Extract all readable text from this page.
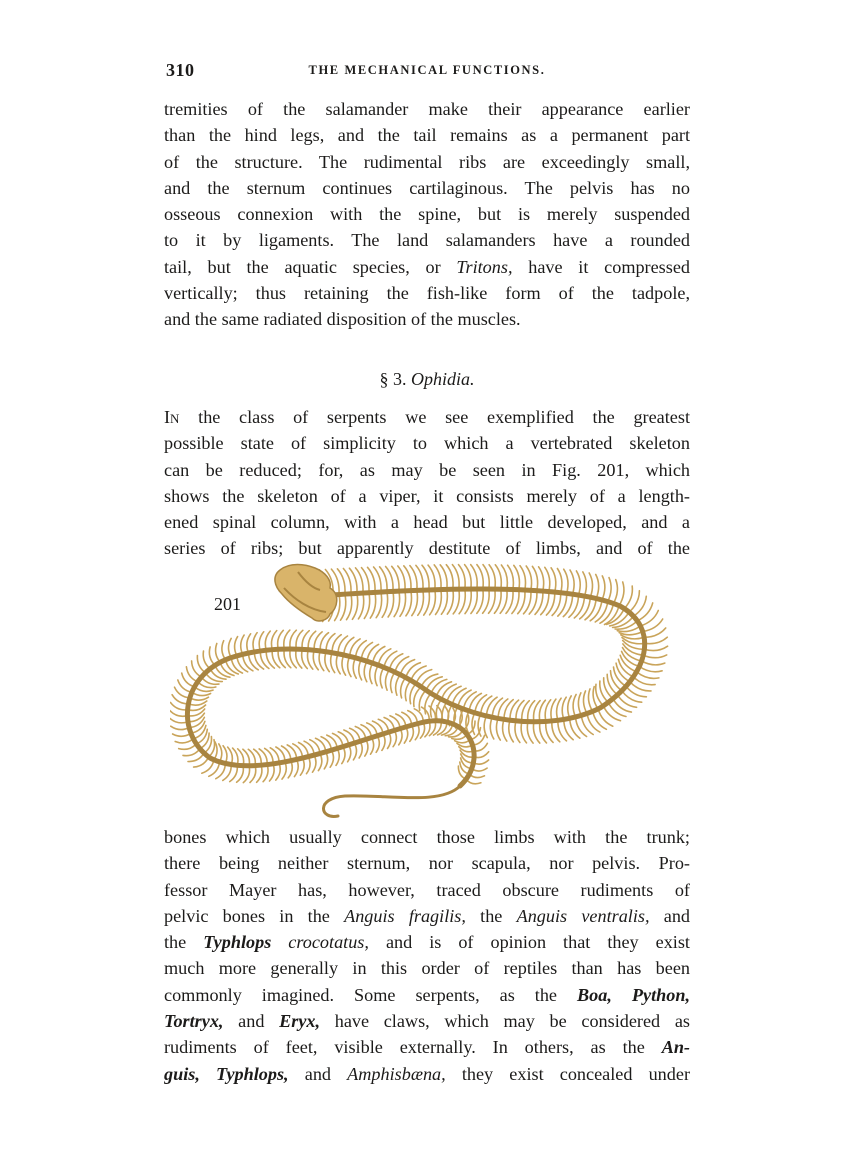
310	THE MECHANICAL FUNCTIONS.

tremities of the salamander make their appearance earlier
than the hind legs, and the tail remains as a permanent part
of the structure. The rudimental ribs are exceedingly small,
and the sternum continues cartilaginous. The pelvis has no
osseous connexion with the spine, but is merely suspended
to it by ligaments. The land salamanders have a rounded
tail, but the aquatic species, or Tritons, have it compressed
vertically; thus retaining the fish-like form of the tadpole,
and the same radiated disposition of the muscles.

§ 3. Ophidia.

In the class of serpents we see exemplified the greatest
possible state of simplicity to which a vertebrated skeleton
can be reduced; for, as may be seen in Fig. 201, which
shows the skeleton of a viper, it consists merely of a length-
ened spinal column, with a head but little developed, and a
series of ribs; but apparently destitute of limbs, and of the

201

bones which usually connect those limbs with the trunk;
there being neither sternum, nor scapula, nor pelvis. Pro-
fessor Mayer has, however, traced obscure rudiments of
pelvic bones in the Anguis fragilis, the Anguis ventralis, and
the Typhlops crocotatus, and is of opinion that they exist
much more generally in this order of reptiles than has been
commonly imagined. Some serpents, as the Boa, Python,
Tortryx, and Eryx, have claws, which may be considered as
rudiments of feet, visible externally. In others, as the An-
guis, Typhlops, and Amphisbæna, they exist concealed under
